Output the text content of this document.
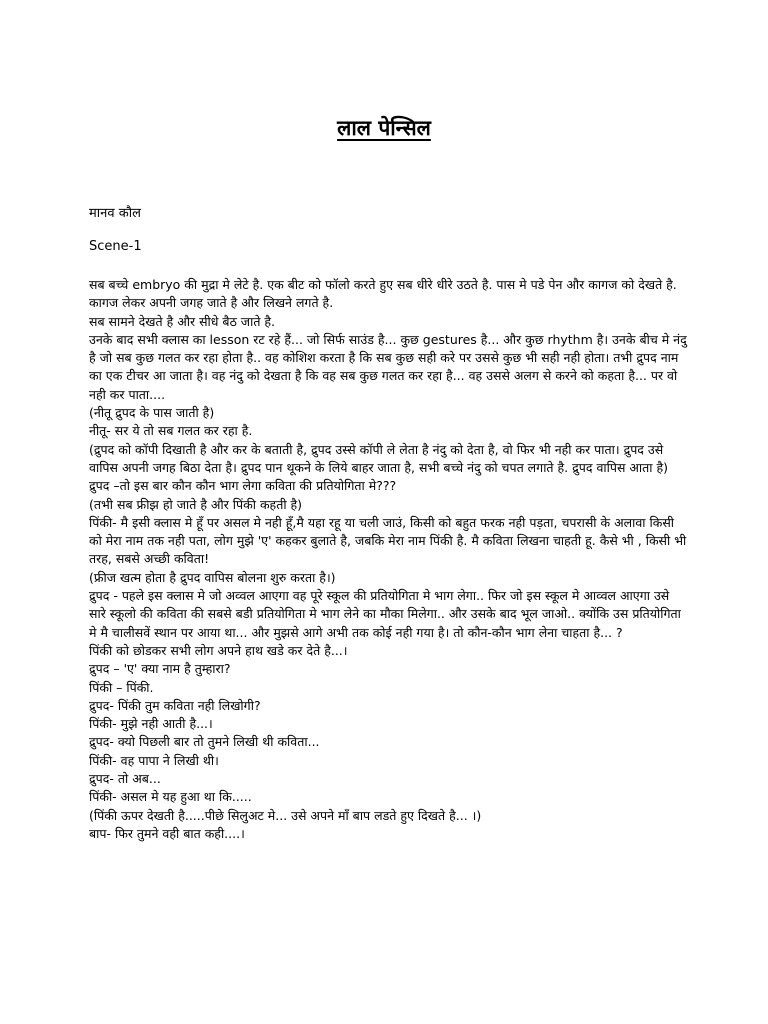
लाल पेन्सिल
मानव कौल
Scene-1

सब बच्चे embryo की मुद्रा मे लेटे है. एक बीट को फॉलो करते हुए सब धीरे धीरे उठते है. पास मे पडे पेन और कागज को देखते है. कागज लेकर अपनी जगह जाते है और लिखने लगते है.

सब सामने देखते है और सीधे बैठ जाते है.

उनके बाद सभी क्लास का lesson रट रहे हैं... जो सिर्फ साउंड है... कुछ gestures है... और कुछ rhythm है। उनके बीच मे नंदु है जो सब कुछ गलत कर रहा होता है.. वह कोशिश करता है कि सब कुछ सही करे पर उससे कुछ भी सही नही होता। तभी द्रुपद नाम का एक टीचर आ जाता है। वह नंदु को देखता है कि वह सब कुछ गलत कर रहा है... वह उससे अलग से करने को कहता है... पर वो नही कर पाता....

(नीतू द्रुपद के पास जाती है)

नीतू- सर ये तो सब गलत कर रहा है.

(द्रुपद को कॉपी दिखाती है और कर के बताती है, द्रुपद उस्से कॉपी ले लेता है नंदु को देता है, वो फिर भी नही कर पाता। द्रुपद उसे वापिस अपनी जगह बिठा देता है। द्रुपद पान थूकने के लिये बाहर जाता है, सभी बच्चे नंदु को चपत लगाते है. द्रुपद वापिस आता है)

द्रुपद –तो इस बार कौन कौन भाग लेगा कविता की प्रतियोगिता मे???

(तभी सब फ्रीझ हो जाते है और पिंकी कहती है)

पिंकी- मै इसी क्लास मे हूँ पर असल मे नही हूँ,मै यहा रहू या चली जाउं, किसी को बहुत फरक नही पड़ता, चपरासी के अलावा किसी को मेरा नाम तक नही पता, लोग मुझे 'ए' कहकर बुलाते है, जबकि मेरा नाम पिंकी है. मै कविता लिखना चाहती हू. कैसे भी , किसी भी तरह, सबसे अच्छी कविता!

(फ्रीज खत्म होता है द्रुपद वापिस बोलना शुरु करता है।)

द्रुपद - पहले इस क्लास मे जो अव्वल आएगा वह पूरे स्कूल की प्रतियोगिता मे भाग लेगा.. फिर जो इस स्कूल मे आव्वल आएगा उसे सारे स्कूलो की कविता की सबसे बडी प्रतियोगिता मे भाग लेने का मौका मिलेगा.. और उसके बाद भूल जाओ.. क्योंकि उस प्रतियोगिता मे मै चालीसवें स्थान पर आया था... और मुझसे आगे अभी तक कोई नही गया है। तो कौन-कौन भाग लेना चाहता है... ?

पिंकी को छोडकर सभी लोग अपने हाथ खडे कर देते है...।

द्रुपद – 'ए' क्या नाम है तुम्हारा?

पिंकी – पिंकी.

द्रुपद- पिंकी तुम कविता नही लिखोगी?

पिंकी- मुझे नही आती है...।

द्रुपद- क्यो पिछली बार तो तुमने लिखी थी कविता...

पिंकी- वह पापा ने लिखी थी।

द्रुपद- तो अब...

पिंकी- असल मे यह हुआ था कि.....

(पिंकी ऊपर देखती है.....पीछे सिलुअट मे... उसे अपने माँ बाप लडते हुए दिखते है... ।)

बाप- फिर तुमने वही बात कही....।
